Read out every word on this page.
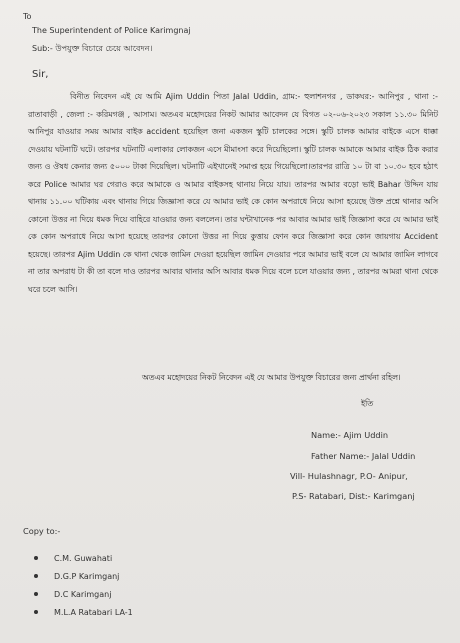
To
The Superintendent of Police Karimgnaj
Sub:- উপযুক্ত বিচারে চেয়ে আবেদন।
Sir,

বিনীত নিবেদন এই যে আমি Ajim Uddin পিতা Jalal Uddin, গ্রাম:- হুলাশনগর , ডাকঘর:- আনিপুর , থানা :- রাতাবাড়ী , জেলা :- করিমগঞ্জ , আসাম। অতএব মহোদয়ের নিকট আমার আবেদন যে বিগত ০২-০৬-২০২৩ সকাল ১১.৩০ মিনিট আনিপুর যাওয়ার সময় আমার বাইক accident হয়েছিল জনা একজন স্কুটি চালকের সঙ্গে। স্কুটি চালক আমার বাইকে এসে ধাক্কা দেওয়ায় ঘটনাটি ঘটে। তারপর ঘটনাটি এলাকার লোকজন এসে মীমাংসা করে দিয়েছিলো। স্কুটি চালক আমাকে আমার বাইক ঠিক করার জন্য ও ঔষধ কেনার জন্য ৫০০০ টাকা দিয়েছিল। ঘটনাটি এইখানেই সমাপ্ত হয়ে গিয়েছিলো।তারপর রাত্রি ১০ টা বা ১০.৩০ হবে হঠাৎ করে Police আমার ঘর গেরাও করে আমাকে ও আমার বাইকসহ থানায় নিয়ে যায়। তারপর আমার বড়ো ভাই Bahar উদ্দিন যায় থানায় ১১.০০ ঘটিকায় এবং থানায় গিয়ে জিজ্ঞাসা করে যে আমার ভাই কে কোন অপরাধে নিয়ে আসা হয়েছে উক্ত প্রশ্নে থানার অসি কোনো উত্তর না দিয়ে ধমক দিয়ে বাহিরে যাওয়ার জন্য বললেন। তার ঘন্টাখানেক পর আবার আমার ভাই জিজ্ঞাসা করে যে আমার ভাই কে কোন অপরাধে নিয়ে আসা হয়েছে তারপর কোনো উত্তর না দিয়ে কুত্তায় ফোন করে জিজ্ঞাসা করে কোন জায়গায় Accident হয়েছে। তারপর Ajim Uddin কে থানা থেকে জামিন দেওয়া হয়েছিল জামিন দেওয়ার পরে আমার ভাই বলে যে আমার জামিন লাগবে না তার অপরাধ টা কী তা বলে দাও তারপর আবার থানার অসি আবার ধমক দিয়ে বলে চলে যাওয়ার জন্য , তারপর আমরা থানা থেকে ঘরে চলে আসি।

অতএব মহোদয়ের নিকট নিবেদন এই যে আমার উপযুক্ত বিচারের জন্য প্রার্থনা রহিল।
ইতি
Name:- Ajim Uddin
Father Name:- Jalal Uddin
Vill- Hulashnagr, P.O- Anipur,
P.S- Ratabari, Dist:- Karimganj
Copy to:-
C.M. Guwahati
D.G.P Karimganj
D.C Karimganj
M.L.A Ratabari LA-1
